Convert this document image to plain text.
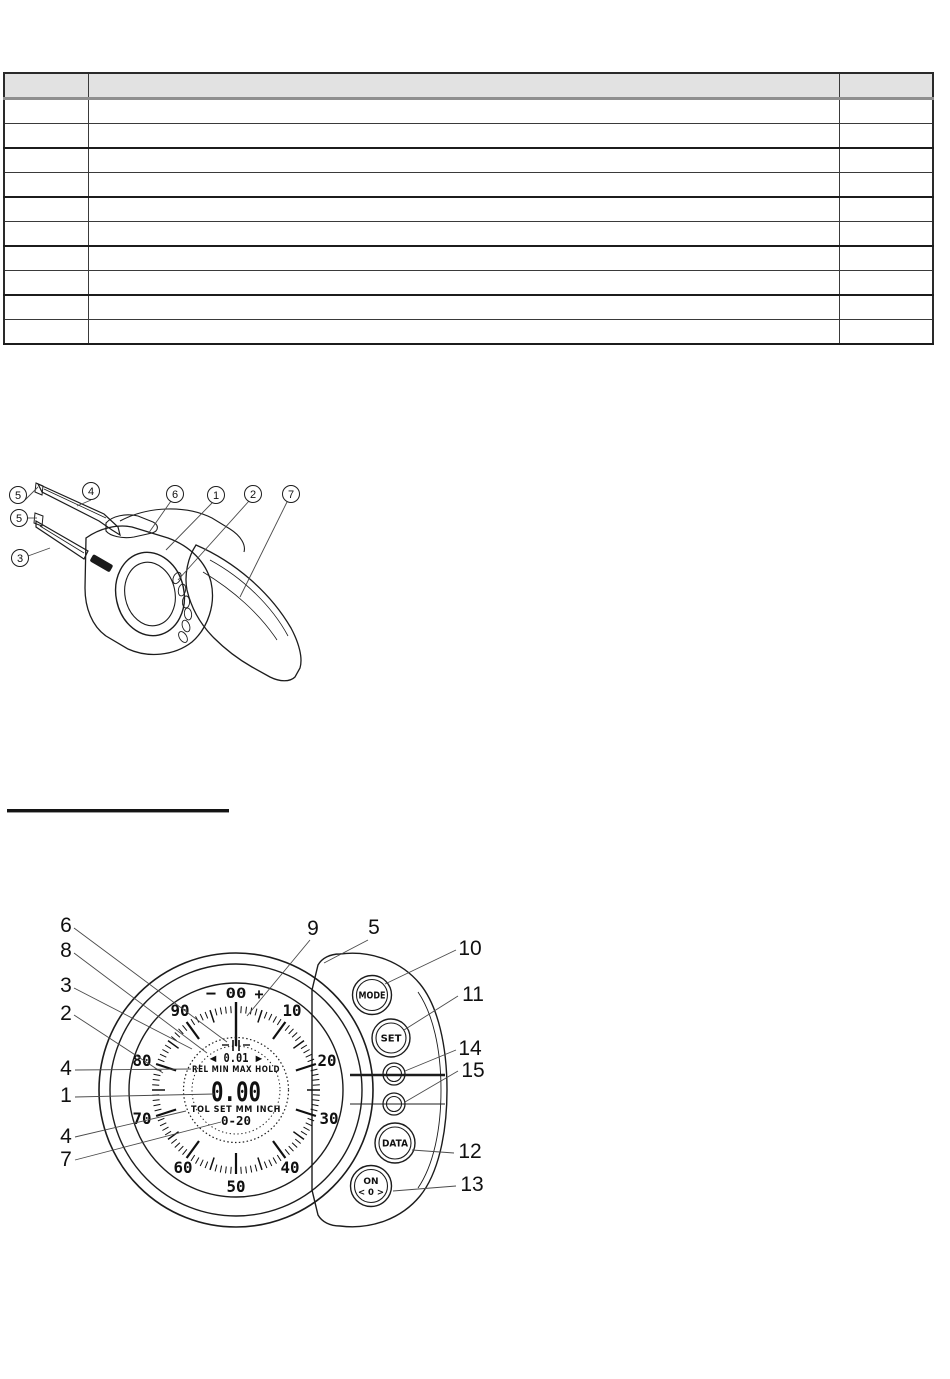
5	4	6	1	2	7
5
3
10
20
30
40
50
60
70
80
90
− 00 +
◄ 0.01 ►
REL MIN MAX HOLD
0.00
TOL SET MM INCH
0-20
MODE
SET
DATA
ON
< 0 >
6
8
3
2
4
1
4
7
9 5
10
11
14
15
12
13
